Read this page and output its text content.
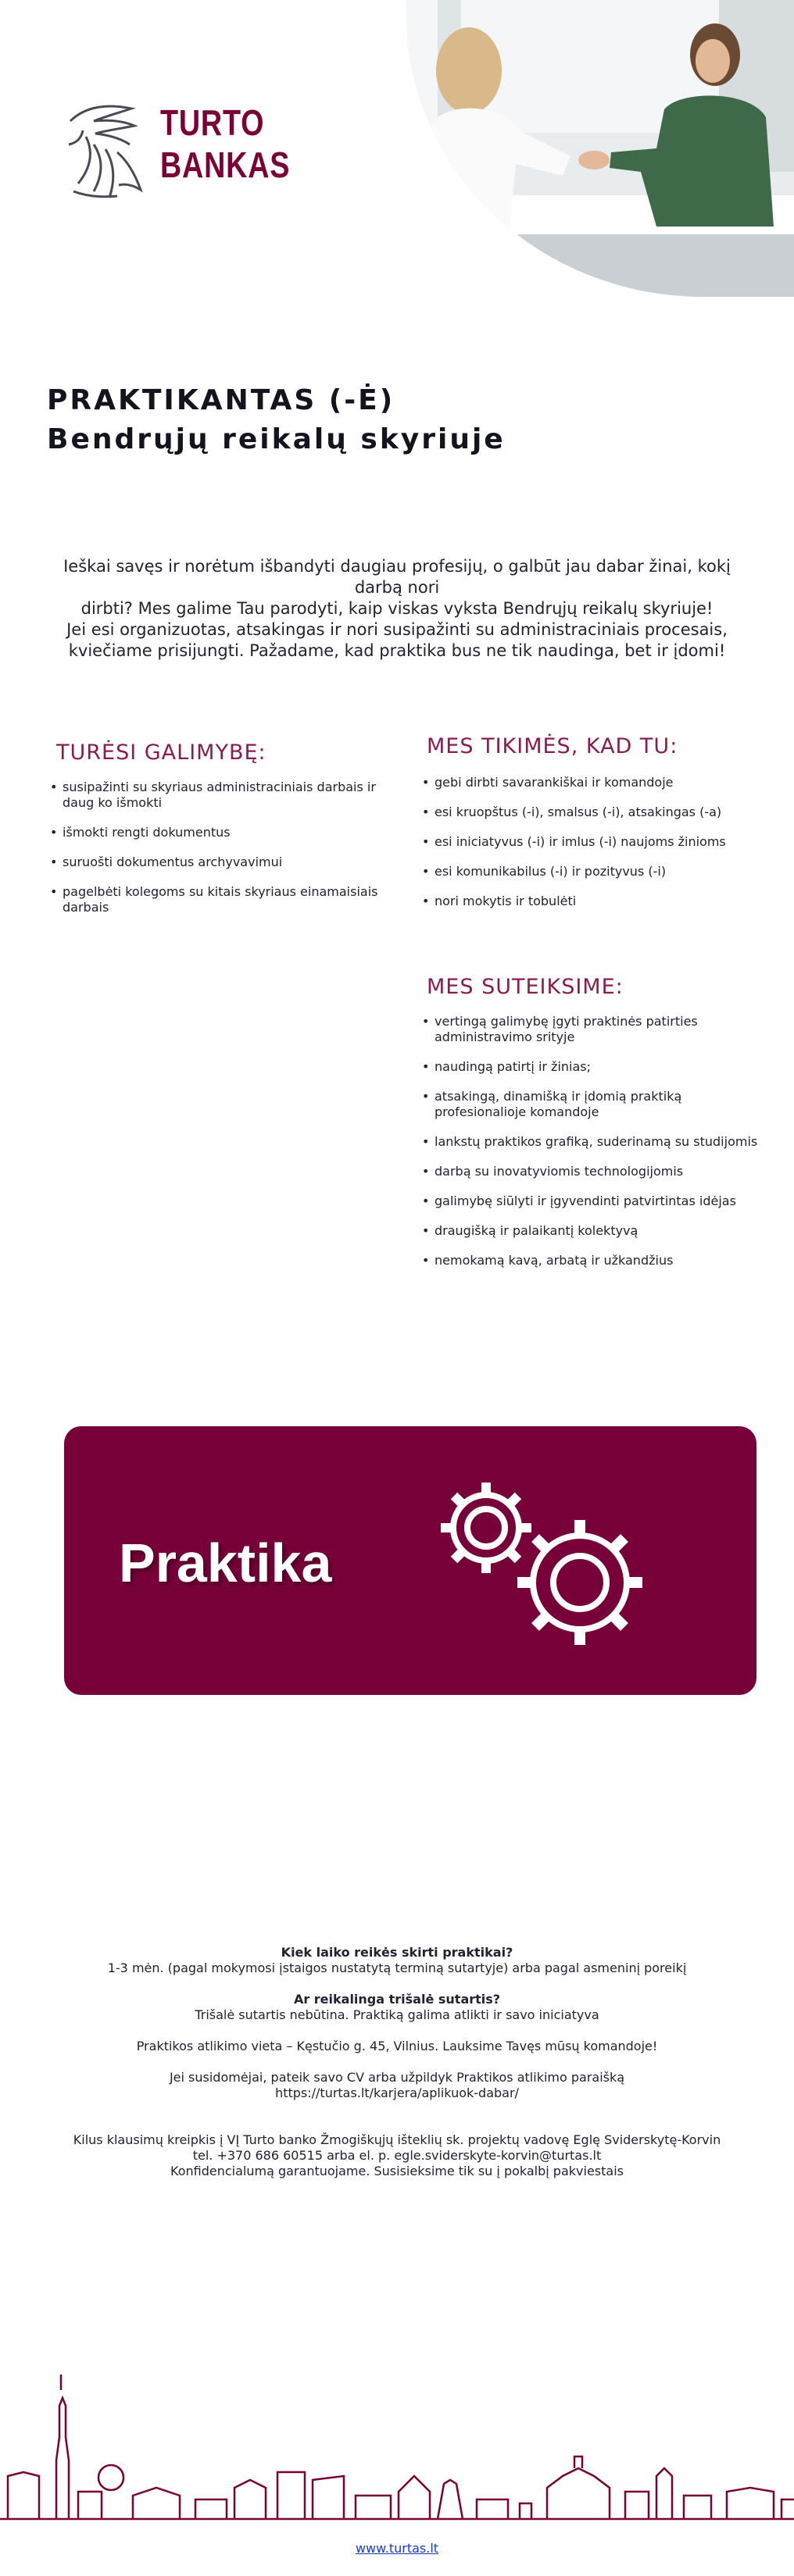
TURTO
BANKAS
PRAKTIKANTAS (-Ė)
Bendrųjų reikalų skyriuje
Ieškai savęs ir norėtum išbandyti daugiau profesijų, o galbūt jau dabar žinai, kokį darbą nori
dirbti? Mes galime Tau parodyti, kaip viskas vyksta Bendrųjų reikalų skyriuje!
Jei esi organizuotas, atsakingas ir nori susipažinti su administraciniais procesais,
kviečiame prisijungti. Pažadame, kad praktika bus ne tik naudinga, bet ir įdomi!
TURĖSI GALIMYBĘ:
• susipažinti su skyriaus administraciniais darbais ir daug ko išmokti
• išmokti rengti dokumentus
• suruošti dokumentus archyvavimui
• pagelbėti kolegoms su kitais skyriaus einamaisiais darbais
MES TIKIMĖS, KAD TU:
• gebi dirbti savarankiškai ir komandoje
• esi kruopštus (-i), smalsus (-i), atsakingas (-a)
• esi iniciatyvus (-i) ir imlus (-i) naujoms žinioms
• esi komunikabilus (-i) ir pozityvus (-i)
• nori mokytis ir tobulėti
MES SUTEIKSIME:
• vertingą galimybę įgyti praktinės patirties administravimo srityje
• naudingą patirtį ir žinias;
• atsakingą, dinamišką ir įdomią praktiką profesionalioje komandoje
• lankstų praktikos grafiką, suderinamą su studijomis
• darbą su inovatyviomis technologijomis
• galimybę siūlyti ir įgyvendinti patvirtintas idėjas
• draugišką ir palaikantį kolektyvą
• nemokamą kavą, arbatą ir užkandžius
Praktika
Kiek laiko reikės skirti praktikai?
1-3 mėn. (pagal mokymosi įstaigos nustatytą terminą sutartyje) arba pagal asmeninį poreikį
Ar reikalinga trišalė sutartis?
Trišalė sutartis nebūtina. Praktiką galima atlikti ir savo iniciatyva
Praktikos atlikimo vieta – Kęstučio g. 45, Vilnius. Lauksime Tavęs mūsų komandoje!
Jei susidomėjai, pateik savo CV arba užpildyk Praktikos atlikimo paraišką
https://turtas.lt/karjera/aplikuok-dabar/
Kilus klausimų kreipkis į VĮ Turto banko Žmogiškųjų išteklių sk. projektų vadovę Eglę Sviderskytę-Korvin
tel. +370 686 60515 arba el. p. egle.sviderskyte-korvin@turtas.lt
Konfidencialumą garantuojame. Susisieksime tik su į pokalbį pakviestais
www.turtas.lt
